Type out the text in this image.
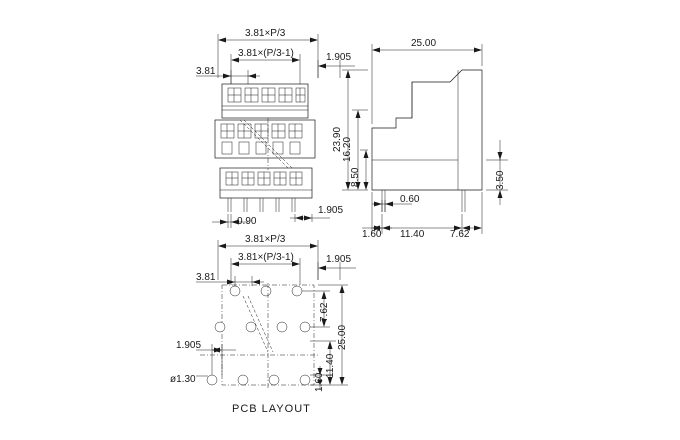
3.81×P/3
3.81×(P/3-1)
3.81
1.905
0.90
1.905
25.00
23.90 16.20
8.50	3.50
0.60
1.60 11.40	7.62
3.81×P/3
3.81×(P/3-1)
3.81
1.905
1.905
ø1.30
7.62
25.00
11.40
1.60
PCB LAYOUT
